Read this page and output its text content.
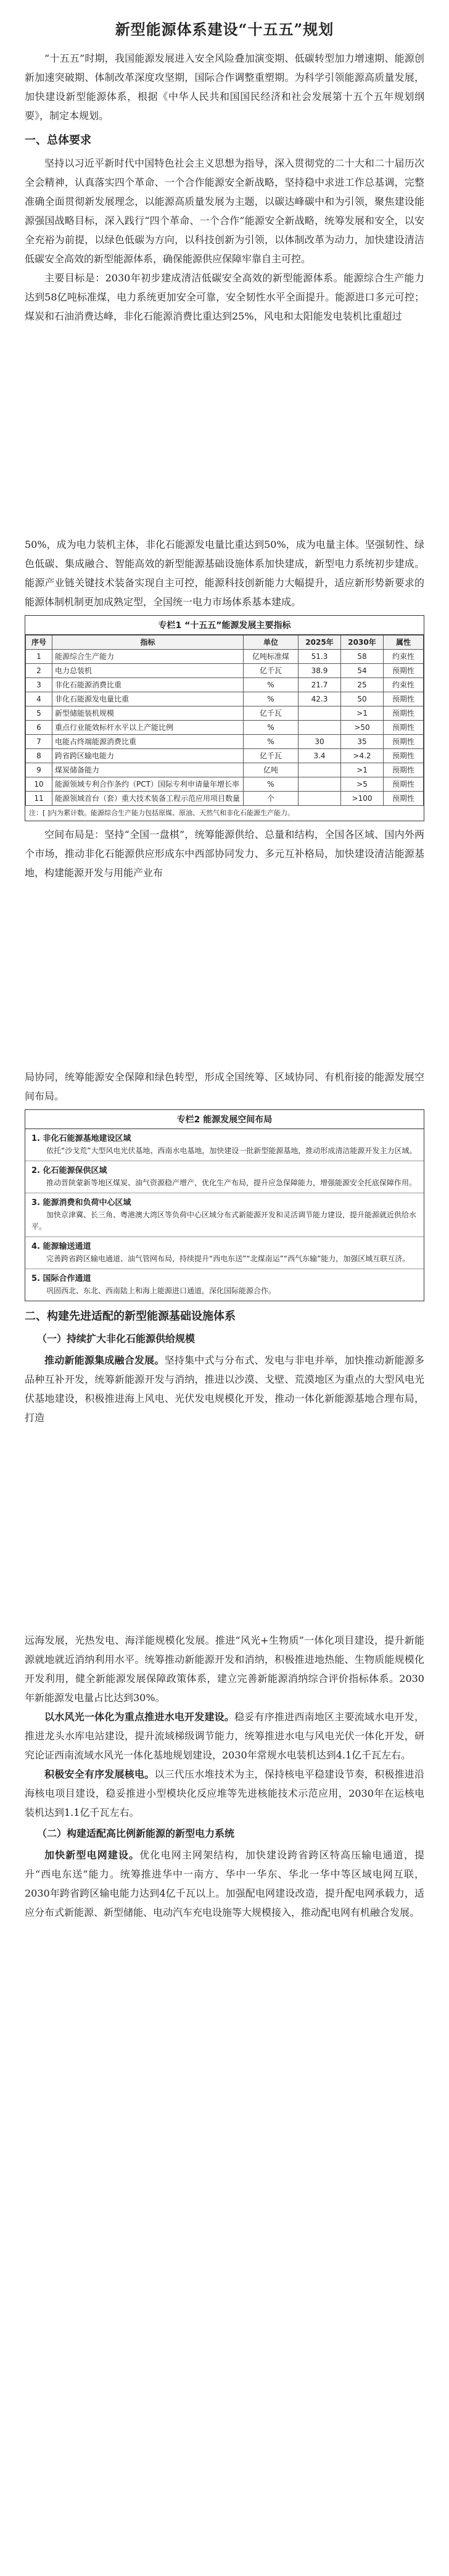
新型能源体系建设“十五五”规划

“十五五”时期，我国能源发展进入安全风险叠加演变期、低碳转型加力增速期、能源创新加速突破期、体制改革深度攻坚期，国际合作调整重塑期。为科学引领能源高质量发展，加快建设新型能源体系，根据《中华人民共和国国民经济和社会发展第十五个五年规划纲要》，制定本规划。

一、总体要求

坚持以习近平新时代中国特色社会主义思想为指导，深入贯彻党的二十大和二十届历次全会精神，认真落实四个革命、一个合作能源安全新战略，坚持稳中求进工作总基调，完整准确全面贯彻新发展理念，以能源高质量发展为主题，以碳达峰碳中和为引领，聚焦建设能源强国战略目标，深入践行“四个革命、一个合作”能源安全新战略，统筹发展和安全，以安全充裕为前提，以绿色低碳为方向，以科技创新为引领，以体制改革为动力，加快建设清洁低碳安全高效的新型能源体系，确保能源供应保障牢靠自主可控。

主要目标是：2030年初步建成清洁低碳安全高效的新型能源体系。能源综合生产能力达到58亿吨标准煤，电力系统更加安全可靠，安全韧性水平全面提升。能源进口多元可控；煤炭和石油消费达峰，非化石能源消费比重达到25%，风电和太阳能发电装机比重超过

50%，成为电力装机主体，非化石能源发电量比重达到50%，成为电量主体。坚强韧性、绿色低碳、集成融合、智能高效的新型能源基础设施体系加快建成，新型电力系统初步建成。能源产业链关键技术装备实现自主可控，能源科技创新能力大幅提升，适应新形势新要求的能源体制机制更加成熟定型，全国统一电力市场体系基本建成。

专栏1 “十五五”能源发展主要指标
序号	指标	单位	2025年	2030年	属性
1	能源综合生产能力	亿吨标准煤	51.3	58	约束性
2	电力总装机	亿千瓦	38.9	54	预期性
3	非化石能源消费比重	%	21.7	25	约束性
4	非化石能源发电量比重	%	42.3	50	预期性
5	新型储能装机规模	亿千瓦		>1	预期性
6	重点行业能效标杆水平以上产能比例	%		>50	预期性
7	电能占终端能源消费比重	%	30	35	预期性
8	跨省跨区输电能力	亿千瓦	3.4	>4.2	预期性
9	煤炭储备能力	亿吨		>1	预期性
10	能源领域专利合作条约（PCT）国际专利申请量年增长率	%		>5	预期性
11	能源领域首台（套）重大技术装备工程示范应用项目数量	个		>100	预期性
注：[ ]内为累计数。能源综合生产能力包括原煤、原油、天然气和非化石能源生产能力。

空间布局是：坚持“全国一盘棋”，统筹能源供给、总量和结构，全国各区域、国内外两个市场，推动非化石能源供应形成东中西部协同发力、多元互补格局，加快建设清洁能源基地，构建能源开发与用能产业布

局协同，统筹能源安全保障和绿色转型，形成全国统筹、区域协同、有机衔接的能源发展空间布局。

专栏2 能源发展空间布局
1. 非化石能源基地建设区域
依托“沙戈荒”大型风电光伏基地、西南水电基地，加快建设一批新型能源基地，推动形成清洁能源开发主力区域。
2. 化石能源保供区域
推动晋陕蒙新等地区煤炭、油气资源稳产增产，优化生产布局，提升应急保障能力，增强能源安全托底保障作用。
3. 能源消费和负荷中心区域
加快京津冀、长三角、粤港澳大湾区等负荷中心区域分布式新能源开发和灵活调节能力建设，提升能源就近供给水平。
4. 能源输送通道
完善跨省跨区输电通道、油气管网布局，持续提升“西电东送”“北煤南运”“西气东输”能力，加强区域互联互济。
5. 国际合作通道
巩固西北、东北、西南陆上和海上能源进口通道，深化国际能源合作。
二、构建先进适配的新型能源基础设施体系
（一）持续扩大非化石能源供给规模

推动新能源集成融合发展。坚持集中式与分布式、发电与非电并举，加快推动新能源多品种互补开发，统筹新能源开发与消纳，推进以沙漠、戈壁、荒漠地区为重点的大型风电光伏基地建设，积极推进海上风电、光伏发电规模化开发，推动一体化新能源基地合理布局，打造

远海发展，光热发电、海洋能规模化发展。推进“风光+生物质”一体化项目建设，提升新能源就地就近消纳利用水平。统筹推动新能源开发和消纳，积极推进地热能、生物质能规模化开发利用，健全新能源发展保障政策体系，建立完善新能源消纳综合评价指标体系。2030年新能源发电量占比达到30%。

以水风光一体化为重点推进水电开发建设。稳妥有序推进西南地区主要流域水电开发，推进龙头水库电站建设，提升流域梯级调节能力，统筹推进水电与风电光伏一体化开发，研究论证西南流域水风光一体化基地规划建设，2030年常规水电装机达到4.1亿千瓦左右。

积极安全有序发展核电。以三代压水堆技术为主，保持核电平稳建设节奏，积极推进沿海核电项目建设，稳妥推进小型模块化反应堆等先进核能技术示范应用，2030年在运核电装机达到1.1亿千瓦左右。

（二）构建适配高比例新能源的新型电力系统

加快新型电网建设。优化电网主网架结构，加快建设跨省跨区特高压输电通道，提升“西电东送”能力。统筹推进华中一南方、华中一华东、华北一华中等区域电网互联，2030年跨省跨区输电能力达到4亿千瓦以上。加强配电网建设改造，提升配电网承载力，适应分布式新能源、新型储能、电动汽车充电设施等大规模接入，推动配电网有机融合发展。
